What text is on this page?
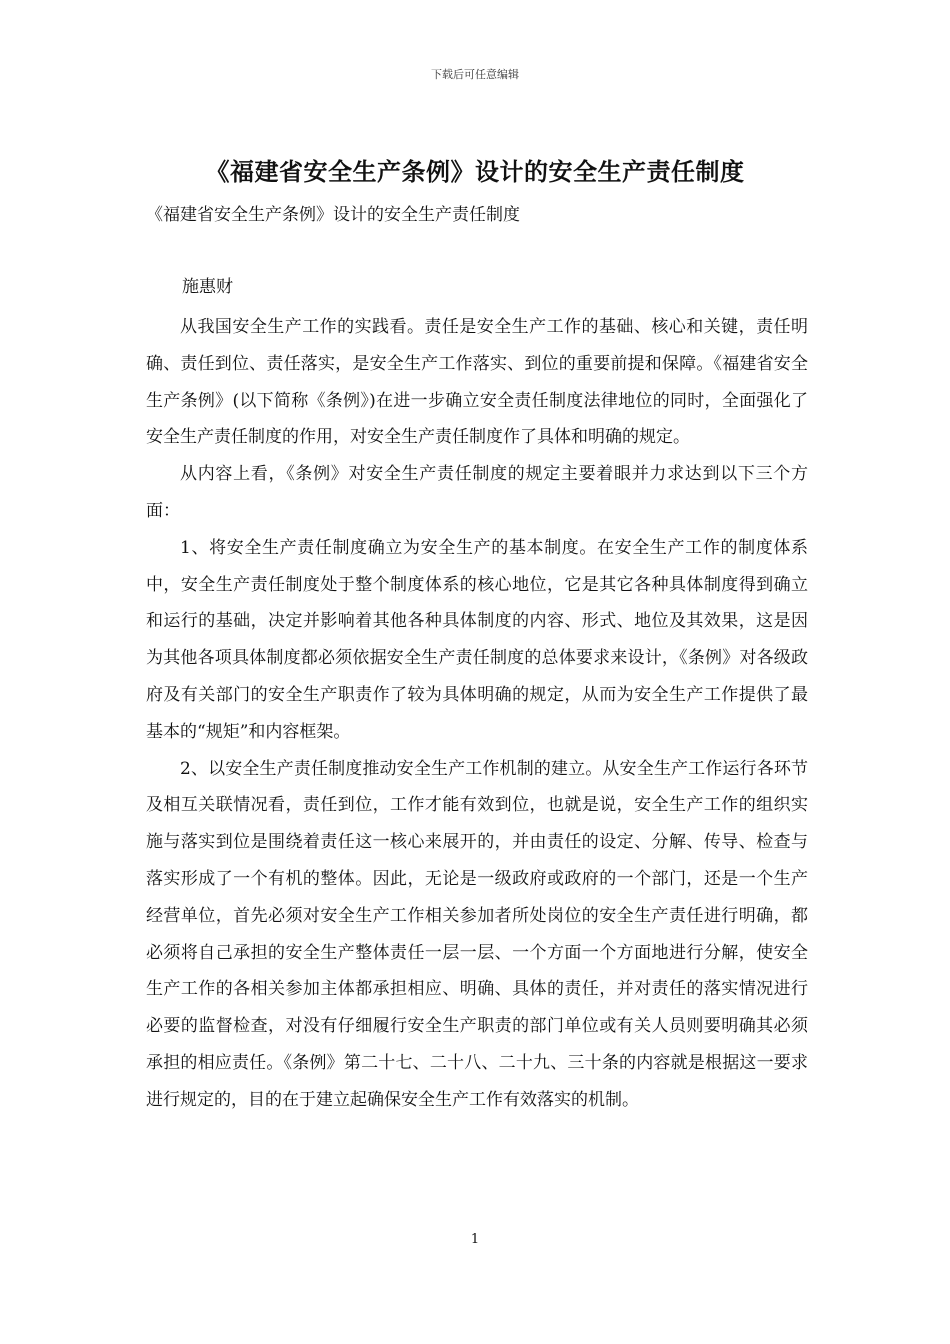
下载后可任意编辑
《福建省安全生产条例》设计的安全生产责任制度

《福建省安全生产条例》设计的安全生产责任制度

施惠财

从我国安全生产工作的实践看。责任是安全生产工作的基础、核心和关键，责任明确、责任到位、责任落实，是安全生产工作落实、到位的重要前提和保障。《福建省安全生产条例》(以下简称《条例》)在进一步确立安全责任制度法律地位的同时，全面强化了安全生产责任制度的作用，对安全生产责任制度作了具体和明确的规定。

从内容上看，《条例》对安全生产责任制度的规定主要着眼并力求达到以下三个方面：

1、将安全生产责任制度确立为安全生产的基本制度。在安全生产工作的制度体系中，安全生产责任制度处于整个制度体系的核心地位，它是其它各种具体制度得到确立和运行的基础，决定并影响着其他各种具体制度的内容、形式、地位及其效果，这是因为其他各项具体制度都必须依据安全生产责任制度的总体要求来设计，《条例》对各级政府及有关部门的安全生产职责作了较为具体明确的规定，从而为安全生产工作提供了最基本的“规矩”和内容框架。

2、以安全生产责任制度推动安全生产工作机制的建立。从安全生产工作运行各环节及相互关联情况看，责任到位，工作才能有效到位，也就是说，安全生产工作的组织实施与落实到位是围绕着责任这一核心来展开的，并由责任的设定、分解、传导、检查与落实形成了一个有机的整体。因此，无论是一级政府或政府的一个部门，还是一个生产经营单位，首先必须对安全生产工作相关参加者所处岗位的安全生产责任进行明确，都必须将自己承担的安全生产整体责任一层一层、一个方面一个方面地进行分解，使安全生产工作的各相关参加主体都承担相应、明确、具体的责任，并对责任的落实情况进行必要的监督检查，对没有仔细履行安全生产职责的部门单位或有关人员则要明确其必须承担的相应责任。《条例》第二十七、二十八、二十九、三十条的内容就是根据这一要求进行规定的，目的在于建立起确保安全生产工作有效落实的机制。

1
